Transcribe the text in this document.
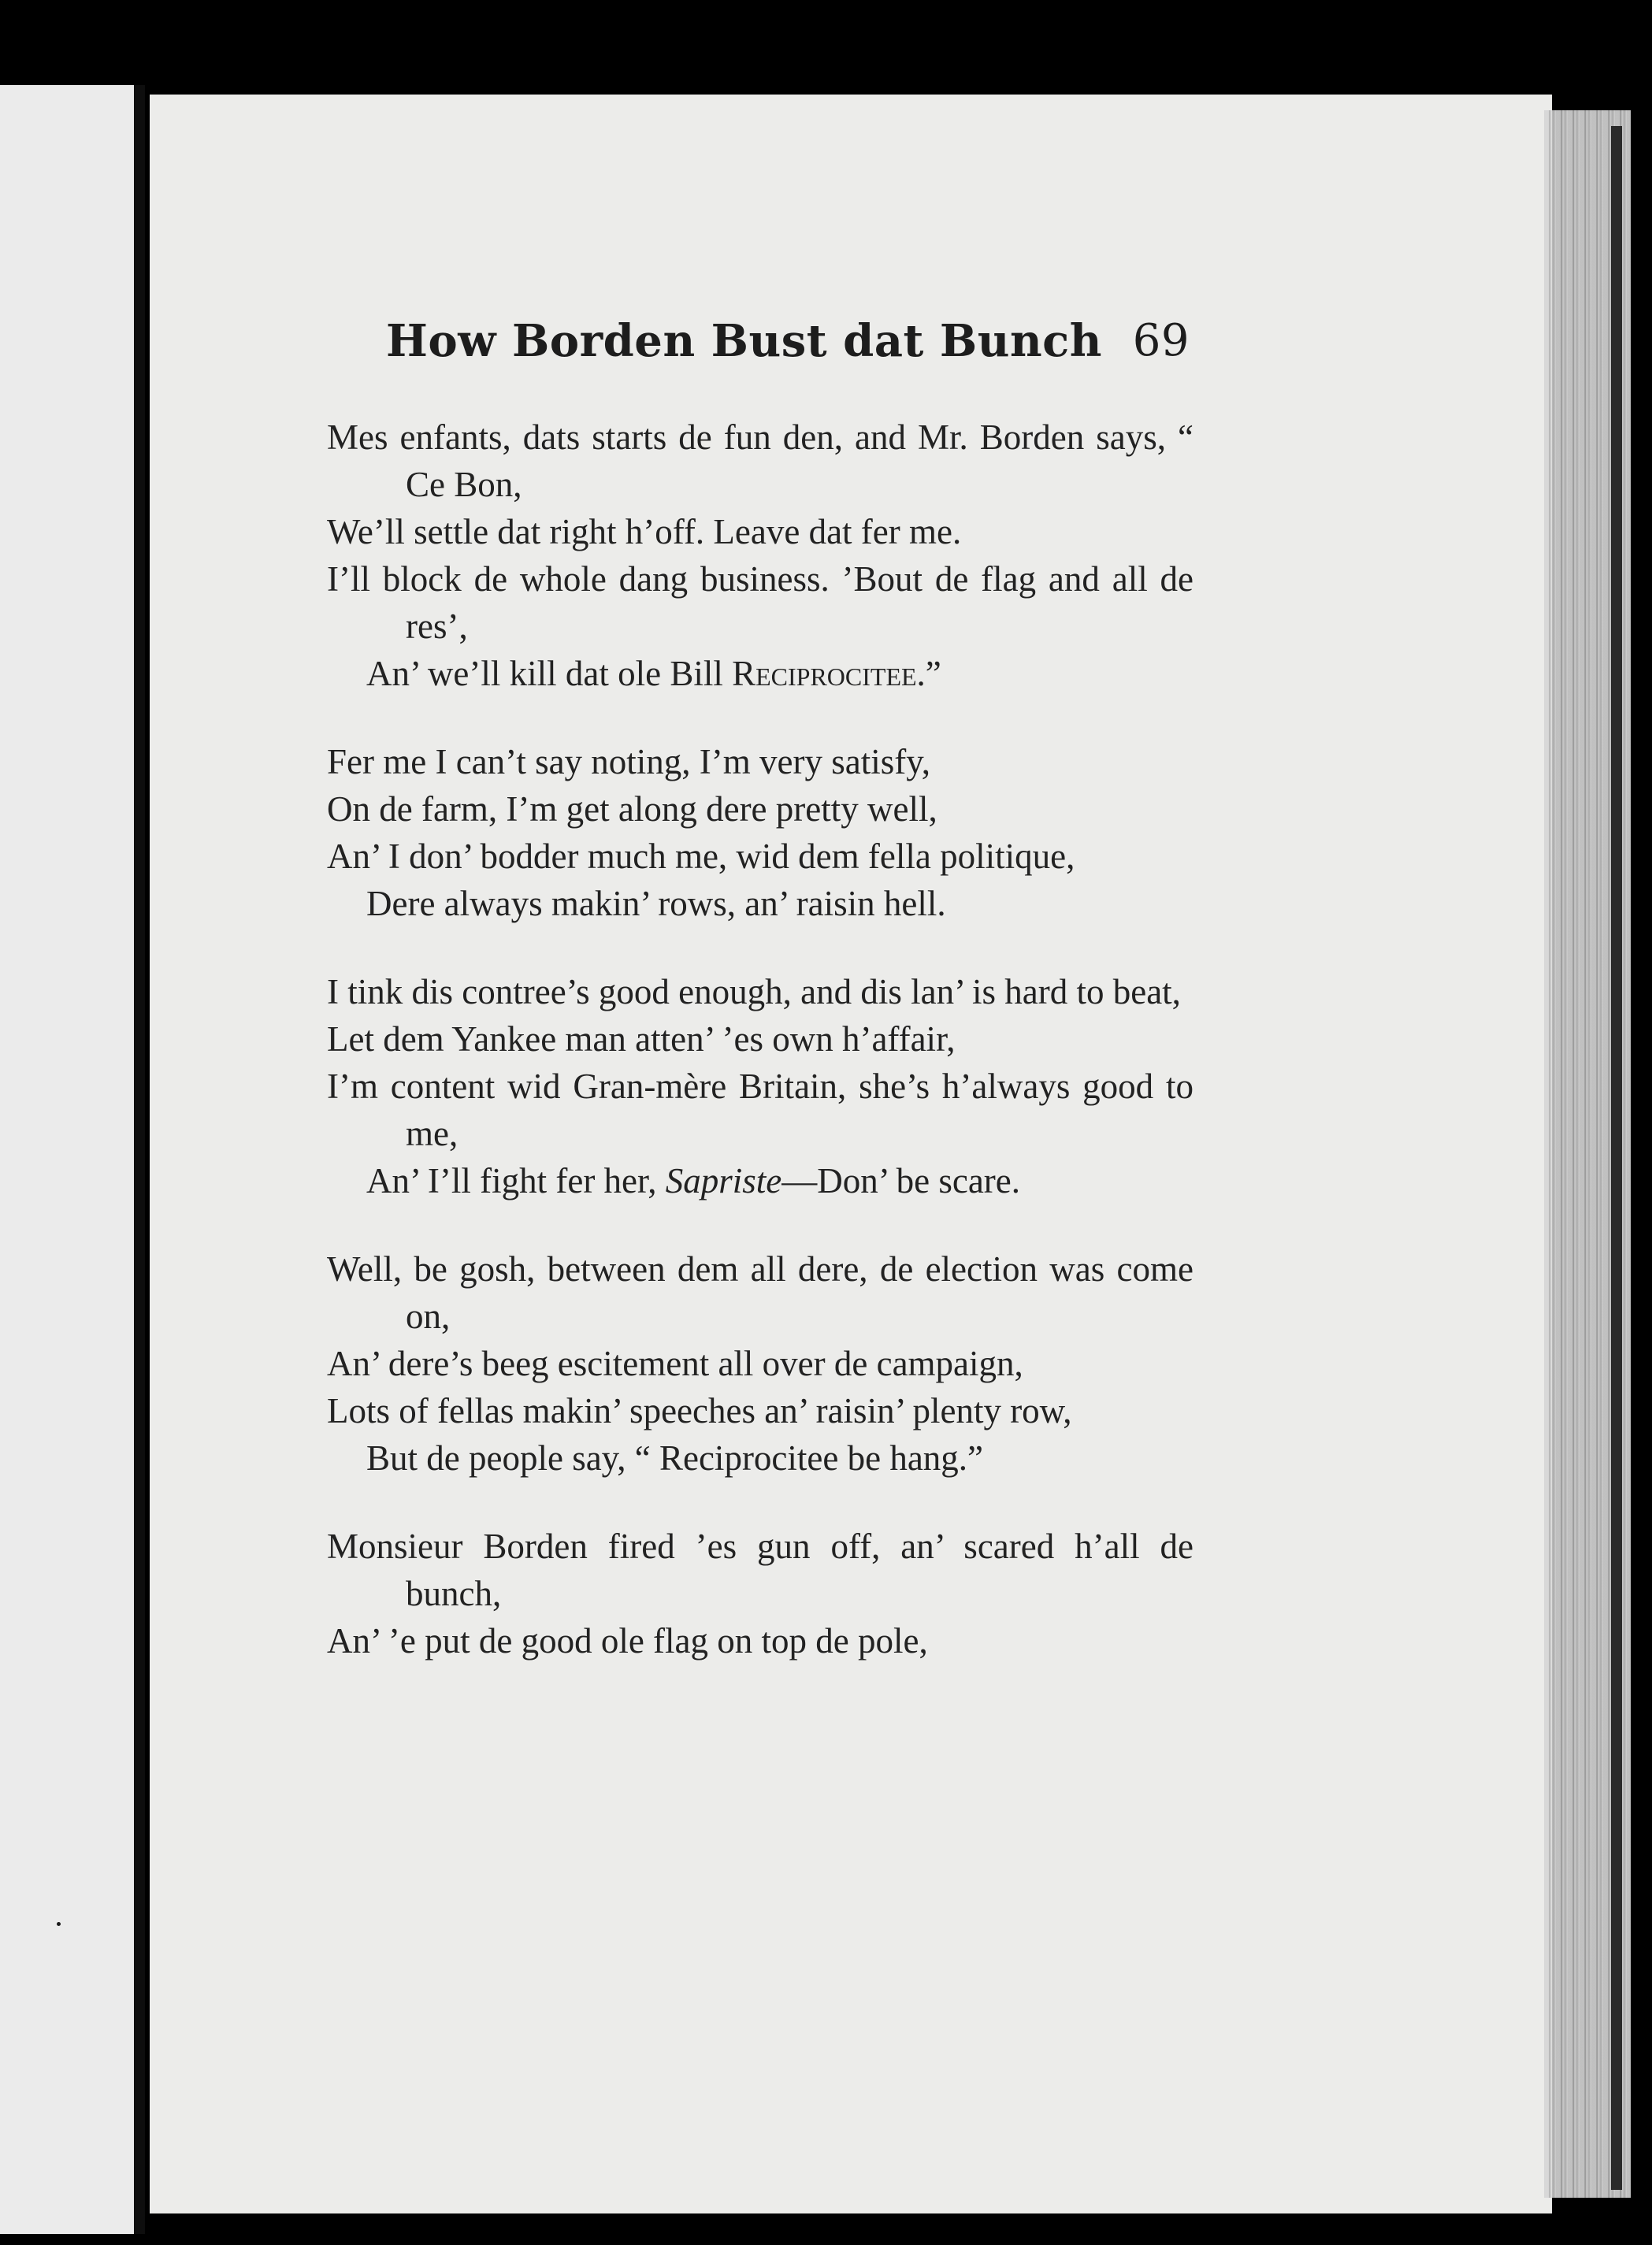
How Borden Bust dat Bunch 69
Mes enfants, dats starts de fun den, and Mr. Borden says, “ Ce Bon,
We’ll settle dat right h’off. Leave dat fer me.
I’ll block de whole dang business. ’Bout de flag and all de res’,
An’ we’ll kill dat ole Bill Reciprocitee.”
Fer me I can’t say noting, I’m very satisfy,
On de farm, I’m get along dere pretty well,
An’ I don’ bodder much me, wid dem fella politique,
Dere always makin’ rows, an’ raisin hell.
I tink dis contree’s good enough, and dis lan’ is hard to beat,
Let dem Yankee man atten’ ’es own h’affair,
I’m content wid Gran-mère Britain, she’s h’always good to me,
An’ I’ll fight fer her, Sapriste—Don’ be scare.
Well, be gosh, between dem all dere, de election was come on,
An’ dere’s beeg escitement all over de campaign,
Lots of fellas makin’ speeches an’ raisin’ plenty row,
But de people say, “ Reciprocitee be hang.”
Monsieur Borden fired ’es gun off, an’ scared h’all de bunch,
An’ ’e put de good ole flag on top de pole,
